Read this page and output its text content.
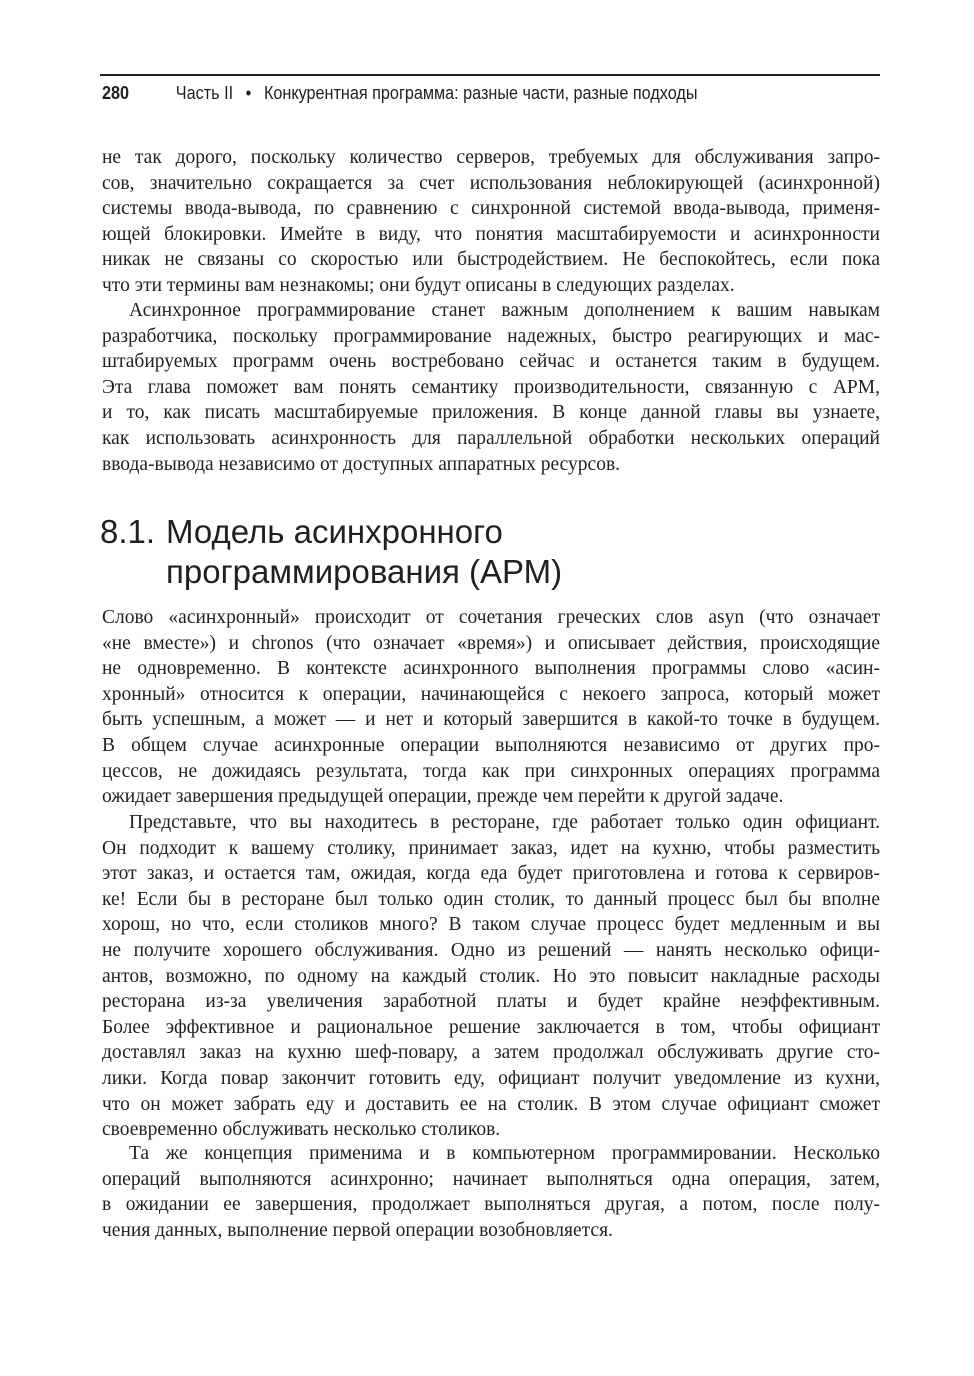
280	Часть II • Конкурентная программа: разные части, разные подходы
не так дорого, поскольку количество серверов, требуемых для обслуживания запро-
сов, значительно сокращается за счет использования неблокирующей (асинхронной)
системы ввода-вывода, по сравнению с синхронной системой ввода-вывода, применя-
ющей блокировки. Имейте в виду, что понятия масштабируемости и асинхронности
никак не связаны со скоростью или быстродействием. Не беспокойтесь, если пока
что эти термины вам незнакомы; они будут описаны в следующих разделах.
Асинхронное программирование станет важным дополнением к вашим навыкам
разработчика, поскольку программирование надежных, быстро реагирующих и мас-
штабируемых программ очень востребовано сейчас и останется таким в будущем.
Эта глава поможет вам понять семантику производительности, связанную с АРМ,
и то, как писать масштабируемые приложения. В конце данной главы вы узнаете,
как использовать асинхронность для параллельной обработки нескольких операций
ввода-вывода независимо от доступных аппаратных ресурсов.
8.1. Модель асинхронного
программирования (АРМ)
Слово «асинхронный» происходит от сочетания греческих слов asyn (что означает
«не вместе») и chronos (что означает «время») и описывает действия, происходящие
не одновременно. В контексте асинхронного выполнения программы слово «асин-
хронный» относится к операции, начинающейся с некоего запроса, который может
быть успешным, а может — и нет и который завершится в какой-то точке в будущем.
В общем случае асинхронные операции выполняются независимо от других про-
цессов, не дожидаясь результата, тогда как при синхронных операциях программа
ожидает завершения предыдущей операции, прежде чем перейти к другой задаче.
Представьте, что вы находитесь в ресторане, где работает только один официант.
Он подходит к вашему столику, принимает заказ, идет на кухню, чтобы разместить
этот заказ, и остается там, ожидая, когда еда будет приготовлена и готова к сервиров-
ке! Если бы в ресторане был только один столик, то данный процесс был бы вполне
хорош, но что, если столиков много? В таком случае процесс будет медленным и вы
не получите хорошего обслуживания. Одно из решений — нанять несколько офици-
антов, возможно, по одному на каждый столик. Но это повысит накладные расходы
ресторана из-за увеличения заработной платы и будет крайне неэффективным.
Более эффективное и рациональное решение заключается в том, чтобы официант
доставлял заказ на кухню шеф-повару, а затем продолжал обслуживать другие сто-
лики. Когда повар закончит готовить еду, официант получит уведомление из кухни,
что он может забрать еду и доставить ее на столик. В этом случае официант сможет
своевременно обслуживать несколько столиков.
Та же концепция применима и в компьютерном программировании. Несколько
операций выполняются асинхронно; начинает выполняться одна операция, затем,
в ожидании ее завершения, продолжает выполняться другая, а потом, после полу-
чения данных, выполнение первой операции возобновляется.
